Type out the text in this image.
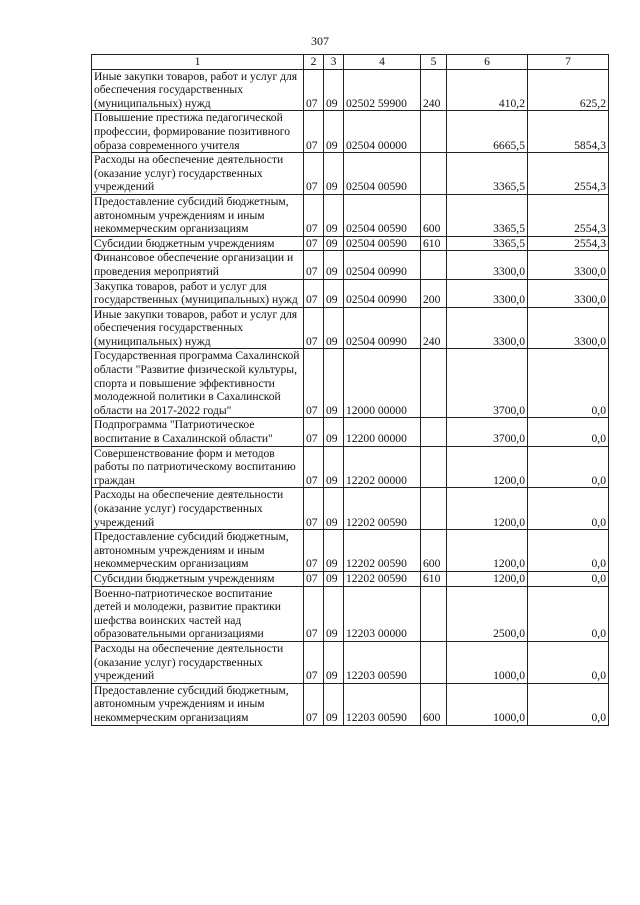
307
1	2	3	4	5	6	7
Иные закупки товаров, работ и услуг для обеспечения государственных (муниципальных) нужд	07	09	02502 59900	240	410,2	625,2
Повышение престижа педагогической профессии, формирование позитивного образа современного учителя	07	09	02504 00000		6665,5	5854,3
Расходы на обеспечение деятельности (оказание услуг) государственных учреждений	07	09	02504 00590		3365,5	2554,3
Предоставление субсидий бюджетным, автономным учреждениям и иным некоммерческим организациям	07	09	02504 00590	600	3365,5	2554,3
Субсидии бюджетным учреждениям	07	09	02504 00590	610	3365,5	2554,3
Финансовое обеспечение организации и проведения мероприятий	07	09	02504 00990		3300,0	3300,0
Закупка товаров, работ и услуг для государственных (муниципальных) нужд	07	09	02504 00990	200	3300,0	3300,0
Иные закупки товаров, работ и услуг для обеспечения государственных (муниципальных) нужд	07	09	02504 00990	240	3300,0	3300,0
Государственная программа Сахалинской области "Развитие физической культуры, спорта и повышение эффективности молодежной политики в Сахалинской области на 2017-2022 годы"	07	09	12000 00000		3700,0	0,0
Подпрограмма "Патриотическое воспитание в Сахалинской области"	07	09	12200 00000		3700,0	0,0
Совершенствование форм и методов работы по патриотическому воспитанию граждан	07	09	12202 00000		1200,0	0,0
Расходы на обеспечение деятельности (оказание услуг) государственных учреждений	07	09	12202 00590		1200,0	0,0
Предоставление субсидий бюджетным, автономным учреждениям и иным некоммерческим организациям	07	09	12202 00590	600	1200,0	0,0
Субсидии бюджетным учреждениям	07	09	12202 00590	610	1200,0	0,0
Военно-патриотическое воспитание детей и молодежи, развитие практики шефства воинских частей над образовательными организациями	07	09	12203 00000		2500,0	0,0
Расходы на обеспечение деятельности (оказание услуг) государственных учреждений	07	09	12203 00590		1000,0	0,0
Предоставление субсидий бюджетным, автономным учреждениям и иным некоммерческим организациям	07	09	12203 00590	600	1000,0	0,0
